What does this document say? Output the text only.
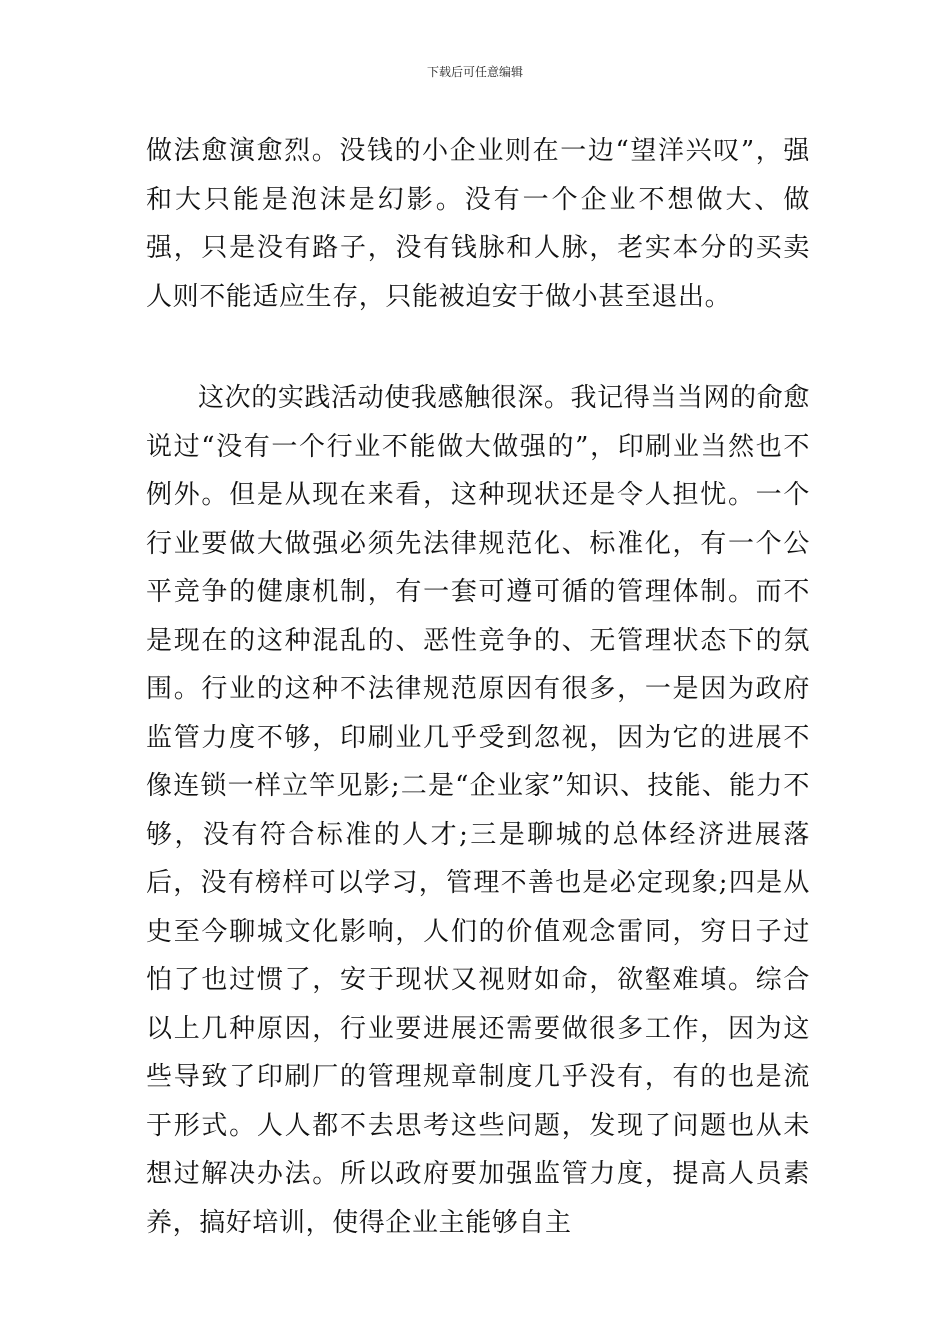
下载后可任意编辑

做法愈演愈烈。没钱的小企业则在一边“望洋兴叹”，强和大只能是泡沫是幻影。没有一个企业不想做大、做强，只是没有路子，没有钱脉和人脉，老实本分的买卖人则不能适应生存，只能被迫安于做小甚至退出。

这次的实践活动使我感触很深。我记得当当网的俞愈说过“没有一个行业不能做大做强的”，印刷业当然也不例外。但是从现在来看，这种现状还是令人担忧。一个行业要做大做强必须先法律规范化、标准化，有一个公平竞争的健康机制，有一套可遵可循的管理体制。而不是现在的这种混乱的、恶性竞争的、无管理状态下的氛围。行业的这种不法律规范原因有很多，一是因为政府监管力度不够，印刷业几乎受到忽视，因为它的进展不像连锁一样立竿见影;二是“企业家”知识、技能、能力不够，没有符合标准的人才;三是聊城的总体经济进展落后，没有榜样可以学习，管理不善也是必定现象;四是从史至今聊城文化影响，人们的价值观念雷同，穷日子过怕了也过惯了，安于现状又视财如命，欲壑难填。综合以上几种原因，行业要进展还需要做很多工作，因为这些导致了印刷厂的管理规章制度几乎没有，有的也是流于形式。人人都不去思考这些问题，发现了问题也从未想过解决办法。所以政府要加强监管力度，提高人员素养，搞好培训，使得企业主能够自主
